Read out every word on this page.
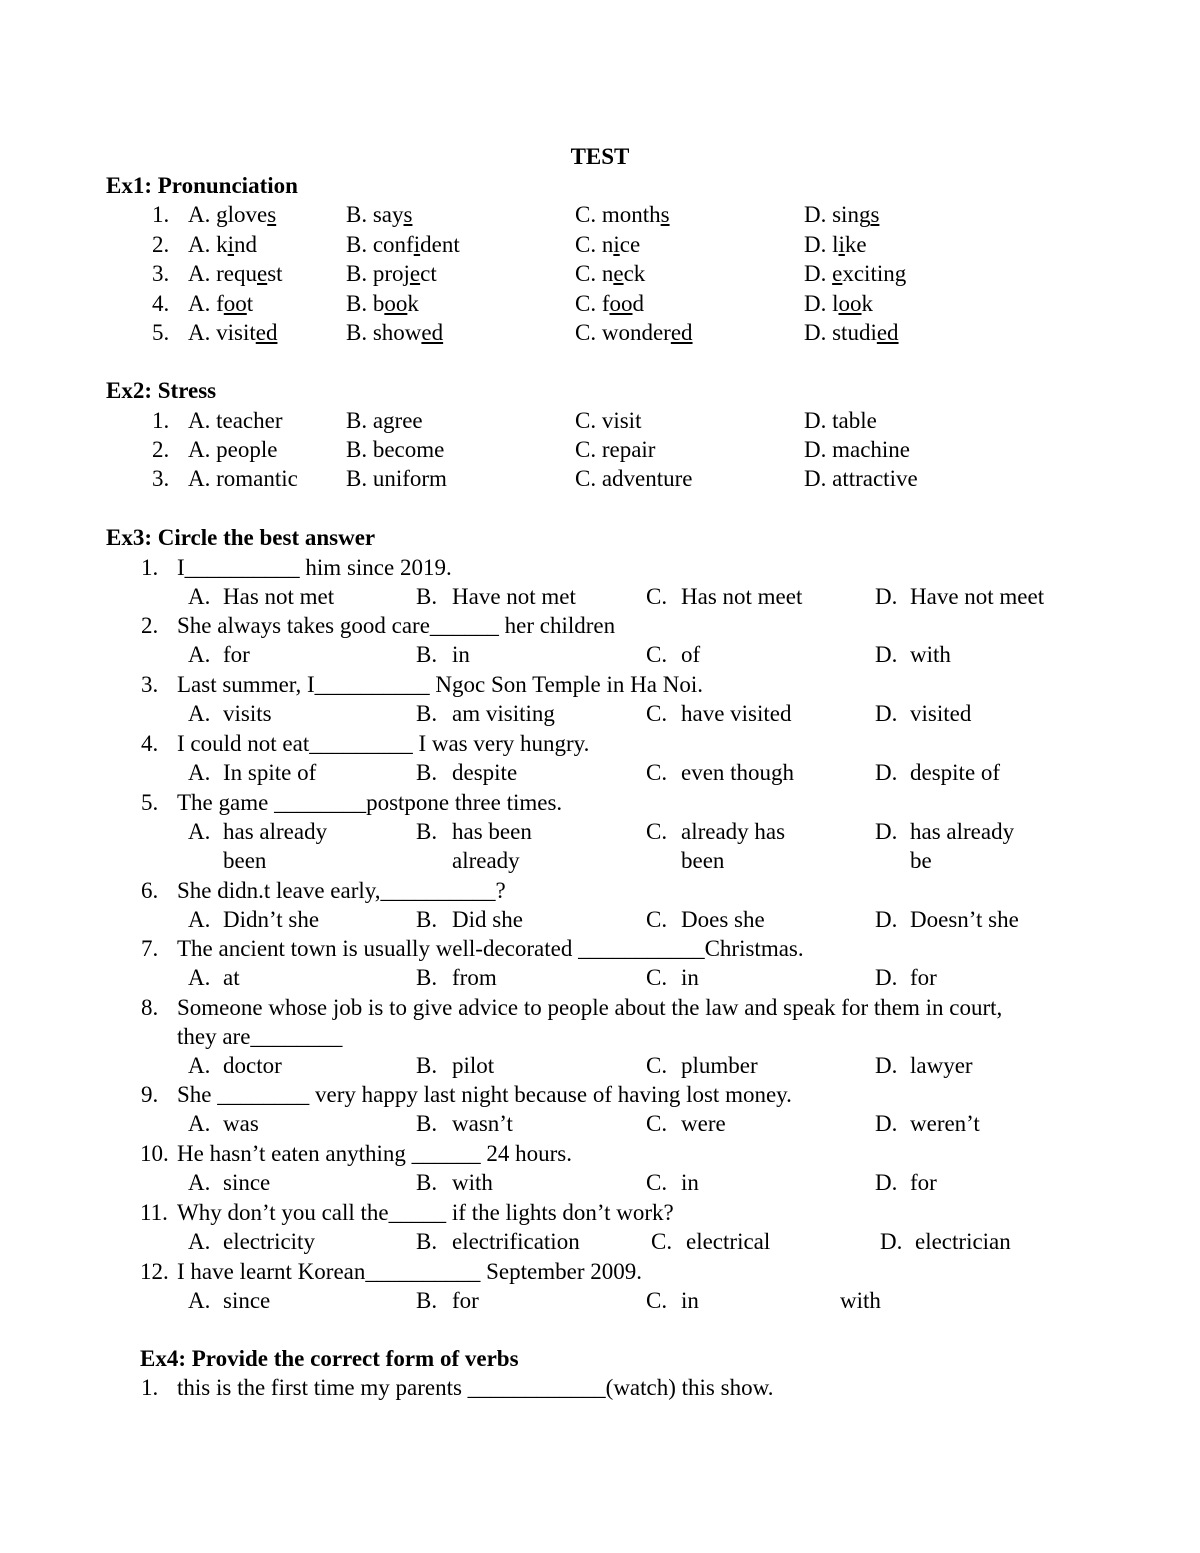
TEST
Ex1: Pronunciation
1. A. gloves	B. says	C. months	D. sings
2. A. kind	B. confident	C. nice	D. like
3. A. request	B. project	C. neck	D. exciting
4. A. foot	B. book	C. food	D. look
5. A. visited	B. showed	C. wondered	D. studied
Ex2: Stress
1. A. teacher	B. agree	C. visit	D. table
2. A. people	B. become	C. repair	D. machine
3. A. romantic B. uniform	C. adventure	D. attractive
Ex3: Circle the best answer
1. I__________ him since 2019.
A. Has not met	B. Have not met	C. Has not meet	D. Have not meet
2. She always takes good care______ her children
A. for	B. in	C. of	D. with
3. Last summer, I__________ Ngoc Son Temple in Ha Noi.
A. visits	B. am visiting	C. have visited	D. visited
4. I could not eat_________ I was very hungry.
A. In spite of	B. despite	C. even though	D. despite of
5. The game ________postpone three times.
A. has already
been
B. has been
already
C. already has
been
D. has already
be
6. She didn.t leave early,__________?
A. Didn’t she	B. Did she	C. Does she	D. Doesn’t she
7. The ancient town is usually well-decorated ___________Christmas.
A. at	B. from	C. in	D. for
8. Someone whose job is to give advice to people about the law and speak for them in court,
they are________
A. doctor	B. pilot	C. plumber	D. lawyer
9. She ________ very happy last night because of having lost money.
A. was	B. wasn’t	C. were	D. weren’t
10. He hasn’t eaten anything ______ 24 hours.
A. since	B. with	C. in	D. for
11. Why don’t you call the_____ if the lights don’t work?
A. electricity	B. electrification	C. electrical	D. electrician
12. I have learnt Korean__________ September 2009.
A. since	B. for	C. in	with
Ex4: Provide the correct form of verbs
1. this is the first time my parents ____________(watch) this show.
